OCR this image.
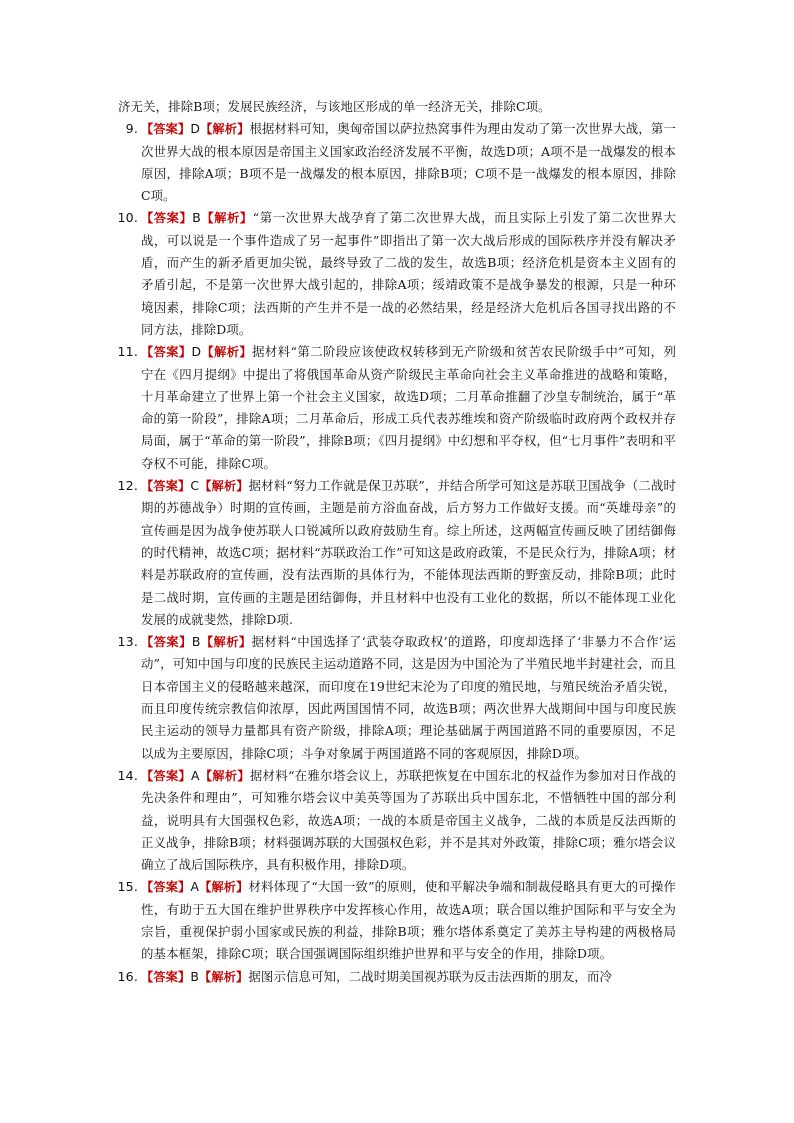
济无关，排除B项；发展民族经济，与该地区形成的单一经济无关，排除C项。

9. 【答案】D【解析】根据材料可知，奥匈帝国以萨拉热窝事件为理由发动了第一次世界大战，第一次世界大战的根本原因是帝国主义国家政治经济发展不平衡，故选D项；A项不是一战爆发的根本原因，排除A项；B项不是一战爆发的根本原因，排除B项；C项不是一战爆发的根本原因，排除C项。
10. 【答案】B【解析】“第一次世界大战孕育了第二次世界大战，而且实际上引发了第二次世界大战，可以说是一个事件造成了另一起事件”即指出了第一次大战后形成的国际秩序并没有解决矛盾，而产生的新矛盾更加尖锐，最终导致了二战的发生，故选B项；经济危机是资本主义固有的矛盾引起，不是第一次世界大战引起的，排除A项；绥靖政策不是战争暴发的根源，只是一种环境因素，排除C项；法西斯的产生并不是一战的必然结果，经是经济大危机后各国寻找出路的不同方法，排除D项。
11. 【答案】D【解析】据材料“第二阶段应该使政权转移到无产阶级和贫苦农民阶级手中”可知，列宁在《四月提纲》中提出了将俄国革命从资产阶级民主革命向社会主义革命推进的战略和策略，十月革命建立了世界上第一个社会主义国家，故选D项；二月革命推翻了沙皇专制统治，属于“革命的第一阶段”，排除A项；二月革命后，形成工兵代表苏维埃和资产阶级临时政府两个政权并存局面，属于“革命的第一阶段”，排除B项；《四月提纲》中幻想和平夺权，但“七月事件”表明和平夺权不可能，排除C项。
12. 【答案】C【解析】据材料“努力工作就是保卫苏联”，并结合所学可知这是苏联卫国战争（二战时期的苏德战争）时期的宣传画，主题是前方浴血奋战，后方努力工作做好支援。而“英雄母亲”的宣传画是因为战争使苏联人口锐减所以政府鼓励生育。综上所述，这两幅宣传画反映了团结御侮的时代精神，故选C项；据材料“苏联政治工作”可知这是政府政策，不是民众行为，排除A项；材料是苏联政府的宣传画，没有法西斯的具体行为，不能体现法西斯的野蛮反动，排除B项；此时是二战时期，宣传画的主题是团结御侮，并且材料中也没有工业化的数据，所以不能体现工业化发展的成就斐然，排除D项.
13. 【答案】B【解析】据材料“中国选择了‘武装夺取政权’的道路，印度却选择了‘非暴力不合作’运动”，可知中国与印度的民族民主运动道路不同，这是因为中国沦为了半殖民地半封建社会，而且日本帝国主义的侵略越来越深，而印度在19世纪末沦为了印度的殖民地，与殖民统治矛盾尖锐，而且印度传统宗教信仰浓厚，因此两国国情不同，故选B项；两次世界大战期间中国与印度民族民主运动的领导力量都具有资产阶级，排除A项；理论基础属于两国道路不同的重要原因，不足以成为主要原因，排除C项；斗争对象属于两国道路不同的客观原因，排除D项。
14. 【答案】A【解析】据材料“在雅尔塔会议上，苏联把恢复在中国东北的权益作为参加对日作战的先决条件和理由”，可知雅尔塔会议中美英等国为了苏联出兵中国东北，不惜牺牲中国的部分利益，说明具有大国强权色彩，故选A项；一战的本质是帝国主义战争，二战的本质是反法西斯的正义战争，排除B项；材料强调苏联的大国强权色彩，并不是其对外政策，排除C项；雅尔塔会议确立了战后国际秩序，具有积极作用，排除D项。
15. 【答案】A【解析】材料体现了“大国一致”的原则，使和平解决争端和制裁侵略具有更大的可操作性，有助于五大国在维护世界秩序中发挥核心作用，故选A项；联合国以维护国际和平与安全为宗旨，重视保护弱小国家或民族的利益，排除B项；雅尔塔体系奠定了美苏主导构建的两极格局的基本框架，排除C项；联合国强调国际组织维护世界和平与安全的作用，排除D项。
16. 【答案】B【解析】据图示信息可知，二战时期美国视苏联为反击法西斯的朋友，而冷
